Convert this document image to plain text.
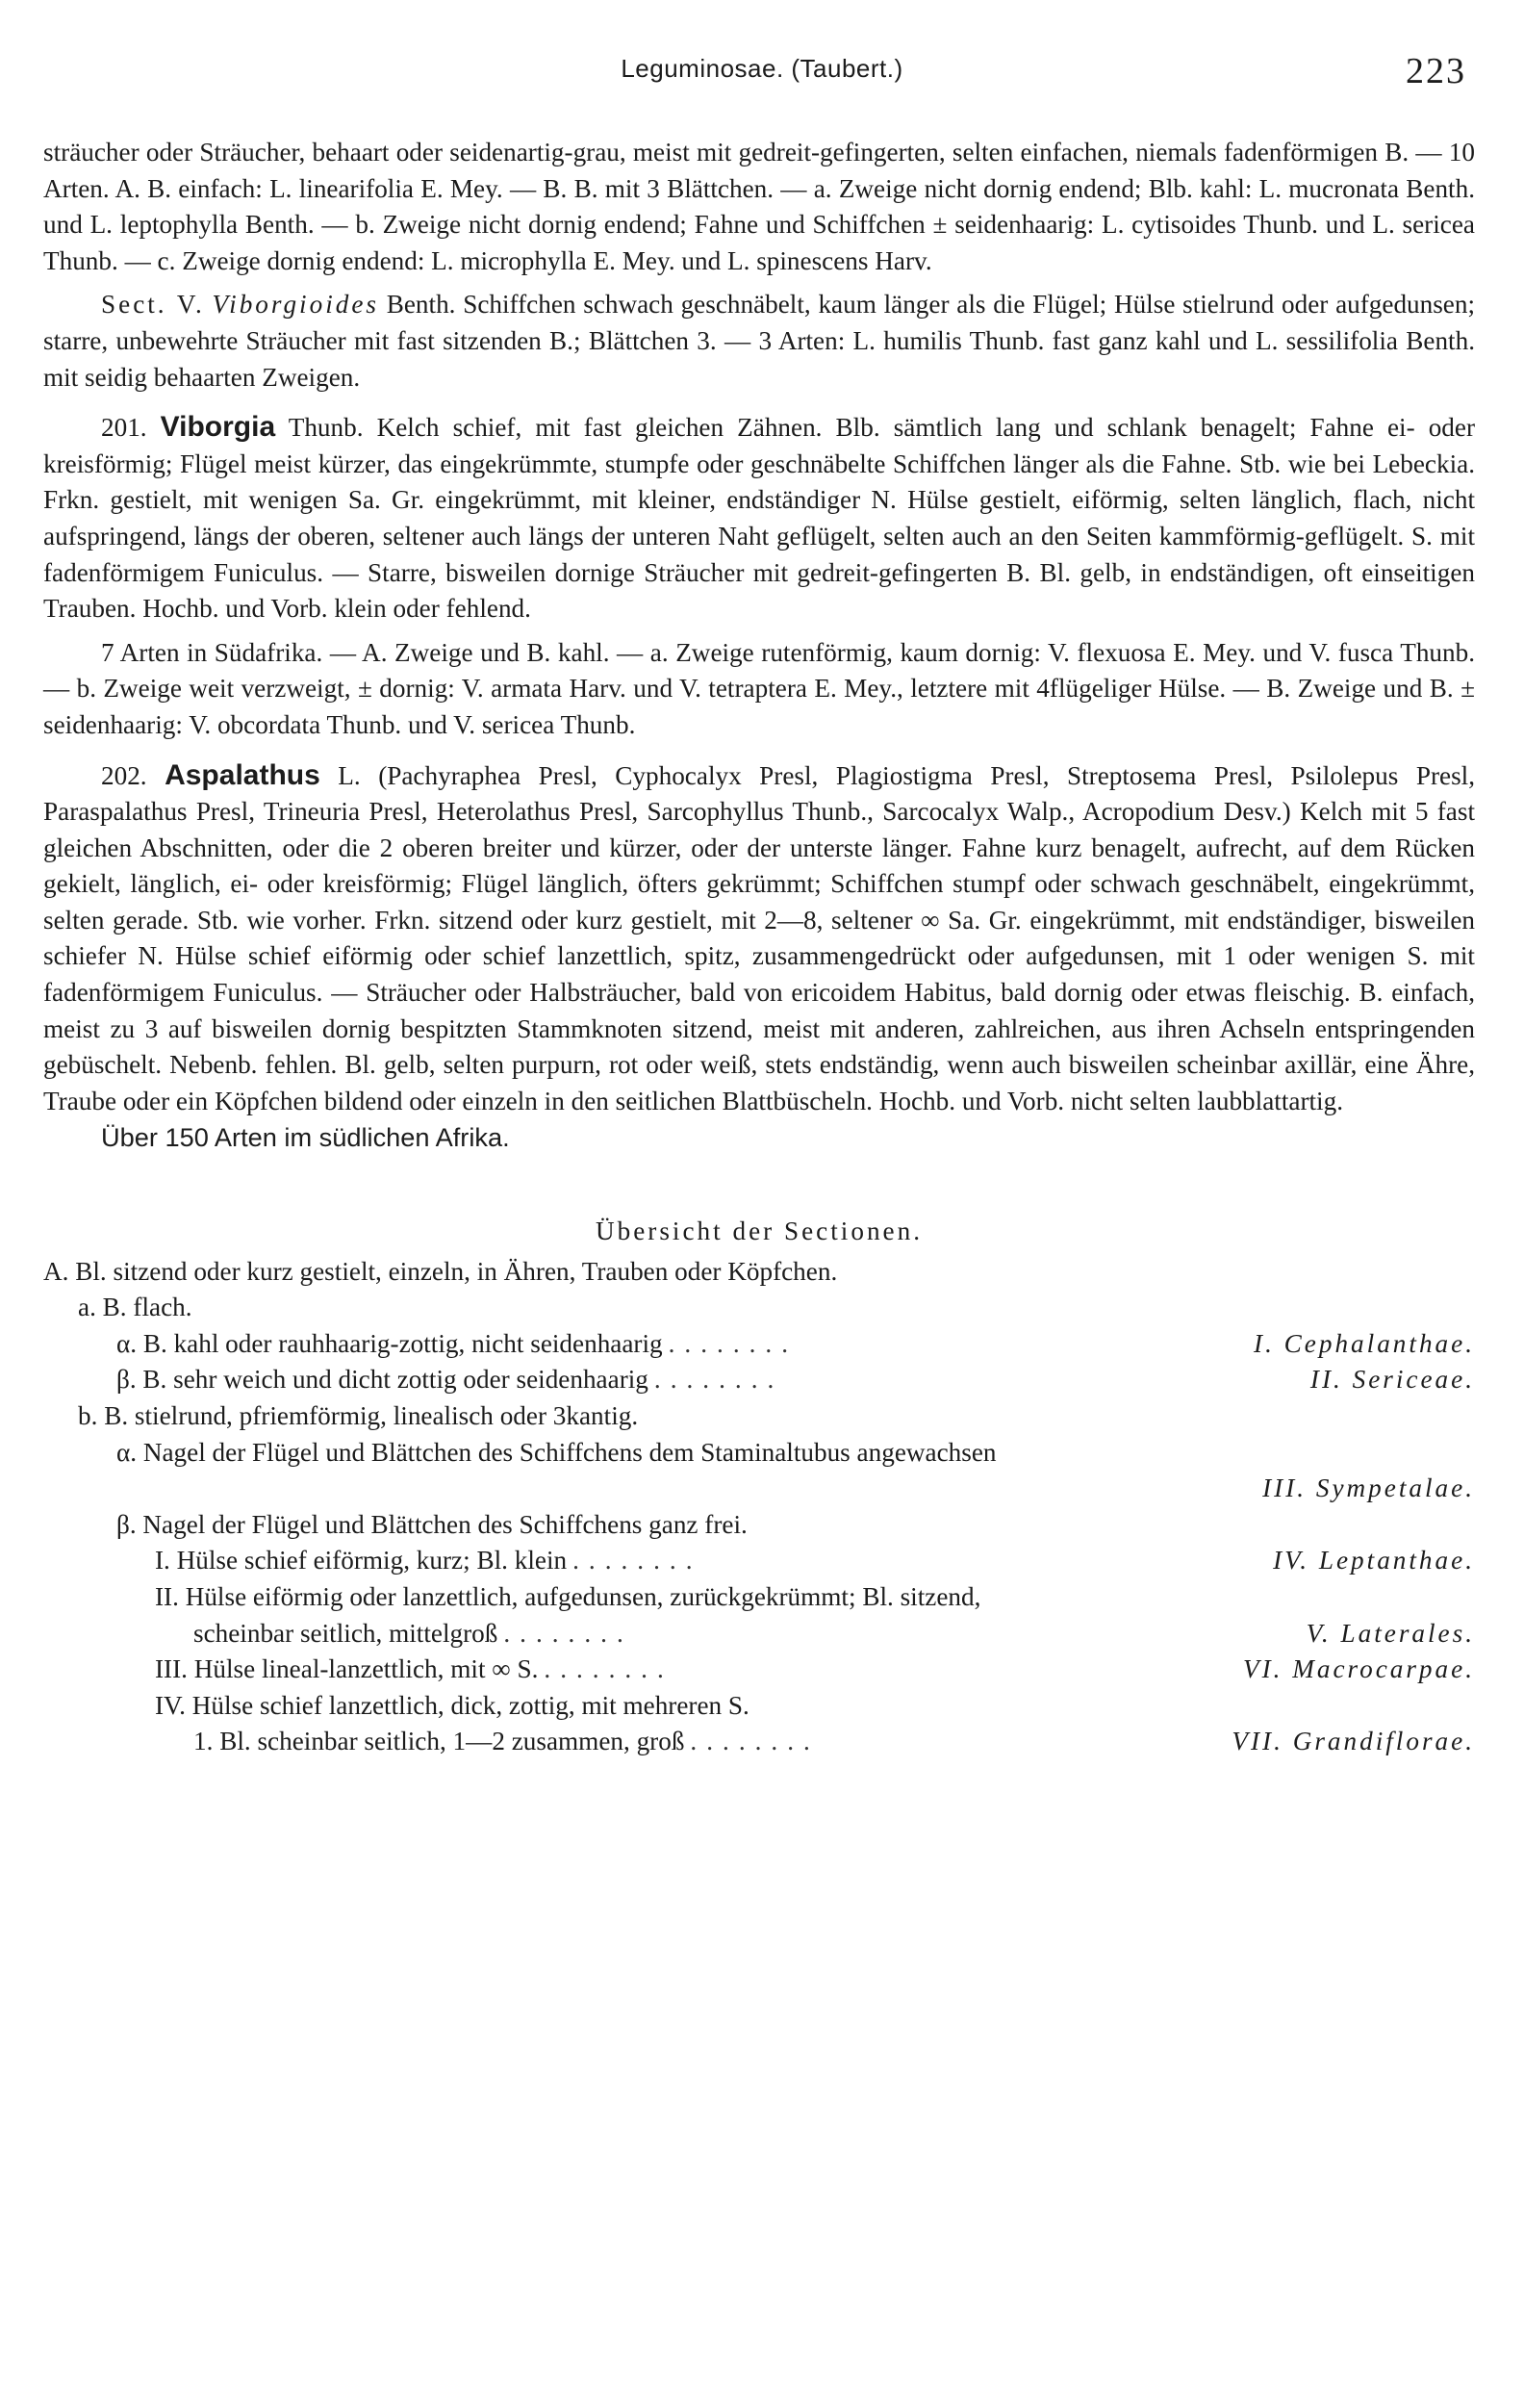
Leguminosae. (Taubert.)	223

sträucher oder Sträucher, behaart oder seidenartig-grau, meist mit gedreit-gefingerten, selten einfachen, niemals fadenförmigen B. — 10 Arten. A. B. einfach: L. linearifolia E. Mey. — B. B. mit 3 Blättchen. — a. Zweige nicht dornig endend; Blb. kahl: L. mucronata Benth. und L. leptophylla Benth. — b. Zweige nicht dornig endend; Fahne und Schiffchen ± seidenhaarig: L. cytisoides Thunb. und L. sericea Thunb. — c. Zweige dornig endend: L. microphylla E. Mey. und L. spinescens Harv.

Sect. V. Viborgioides Benth. Schiffchen schwach geschnäbelt, kaum länger als die Flügel; Hülse stielrund oder aufgedunsen; starre, unbewehrte Sträucher mit fast sitzenden B.; Blättchen 3. — 3 Arten: L. humilis Thunb. fast ganz kahl und L. sessilifolia Benth. mit seidig behaarten Zweigen.

201. Viborgia Thunb. Kelch schief, mit fast gleichen Zähnen. Blb. sämtlich lang und schlank benagelt; Fahne ei- oder kreisförmig; Flügel meist kürzer, das eingekrümmte, stumpfe oder geschnäbelte Schiffchen länger als die Fahne. Stb. wie bei Lebeckia. Frkn. gestielt, mit wenigen Sa. Gr. eingekrümmt, mit kleiner, endständiger N. Hülse gestielt, eiförmig, selten länglich, flach, nicht aufspringend, längs der oberen, seltener auch längs der unteren Naht geflügelt, selten auch an den Seiten kammförmig-geflügelt. S. mit fadenförmigem Funiculus. — Starre, bisweilen dornige Sträucher mit gedreit-gefingerten B. Bl. gelb, in endständigen, oft einseitigen Trauben. Hochb. und Vorb. klein oder fehlend.

7 Arten in Südafrika. — A. Zweige und B. kahl. — a. Zweige rutenförmig, kaum dornig: V. flexuosa E. Mey. und V. fusca Thunb. — b. Zweige weit verzweigt, ± dornig: V. armata Harv. und V. tetraptera E. Mey., letztere mit 4flügeliger Hülse. — B. Zweige und B. ± seidenhaarig: V. obcordata Thunb. und V. sericea Thunb.

202. Aspalathus L. (Pachyraphea Presl, Cyphocalyx Presl, Plagiostigma Presl, Streptosema Presl, Psilolepus Presl, Paraspalathus Presl, Trineuria Presl, Heterolathus Presl, Sarcophyllus Thunb., Sarcocalyx Walp., Acropodium Desv.) Kelch mit 5 fast gleichen Abschnitten, oder die 2 oberen breiter und kürzer, oder der unterste länger. Fahne kurz benagelt, aufrecht, auf dem Rücken gekielt, länglich, ei- oder kreisförmig; Flügel länglich, öfters gekrümmt; Schiffchen stumpf oder schwach geschnäbelt, eingekrümmt, selten gerade. Stb. wie vorher. Frkn. sitzend oder kurz gestielt, mit 2—8, seltener ∞ Sa. Gr. eingekrümmt, mit endständiger, bisweilen schiefer N. Hülse schief eiförmig oder schief lanzettlich, spitz, zusammengedrückt oder aufgedunsen, mit 1 oder wenigen S. mit fadenförmigem Funiculus. — Sträucher oder Halbsträucher, bald von ericoidem Habitus, bald dornig oder etwas fleischig. B. einfach, meist zu 3 auf bisweilen dornig bespitzten Stammknoten sitzend, meist mit anderen, zahlreichen, aus ihren Achseln entspringenden gebüschelt. Nebenb. fehlen. Bl. gelb, selten purpurn, rot oder weiß, stets endständig, wenn auch bisweilen scheinbar axillär, eine Ähre, Traube oder ein Köpfchen bildend oder einzeln in den seitlichen Blattbüscheln. Hochb. und Vorb. nicht selten laubblattartig.

Über 150 Arten im südlichen Afrika.

Übersicht der Sectionen.
A. Bl. sitzend oder kurz gestielt, einzeln, in Ähren, Trauben oder Köpfchen.
a. B. flach.
α. B. kahl oder rauhhaarig-zottig, nicht seidenhaarig ........	I. Cephalanthae.
β. B. sehr weich und dicht zottig oder seidenhaarig ........	II. Sericeae.
b. B. stielrund, pfriemförmig, linealisch oder 3kantig.
α. Nagel der Flügel und Blättchen des Schiffchens dem Staminaltubus angewachsen
III. Sympetalae.
β. Nagel der Flügel und Blättchen des Schiffchens ganz frei.
I. Hülse schief eiförmig, kurz; Bl. klein ........	IV. Leptanthae.
II. Hülse eiförmig oder lanzettlich, aufgedunsen, zurückgekrümmt; Bl. sitzend,
scheinbar seitlich, mittelgroß ........	V. Laterales.
III. Hülse lineal-lanzettlich, mit ∞ S. ........	VI. Macrocarpae.
IV. Hülse schief lanzettlich, dick, zottig, mit mehreren S.
1. Bl. scheinbar seitlich, 1—2 zusammen, groß ........	VII. Grandiflorae.
